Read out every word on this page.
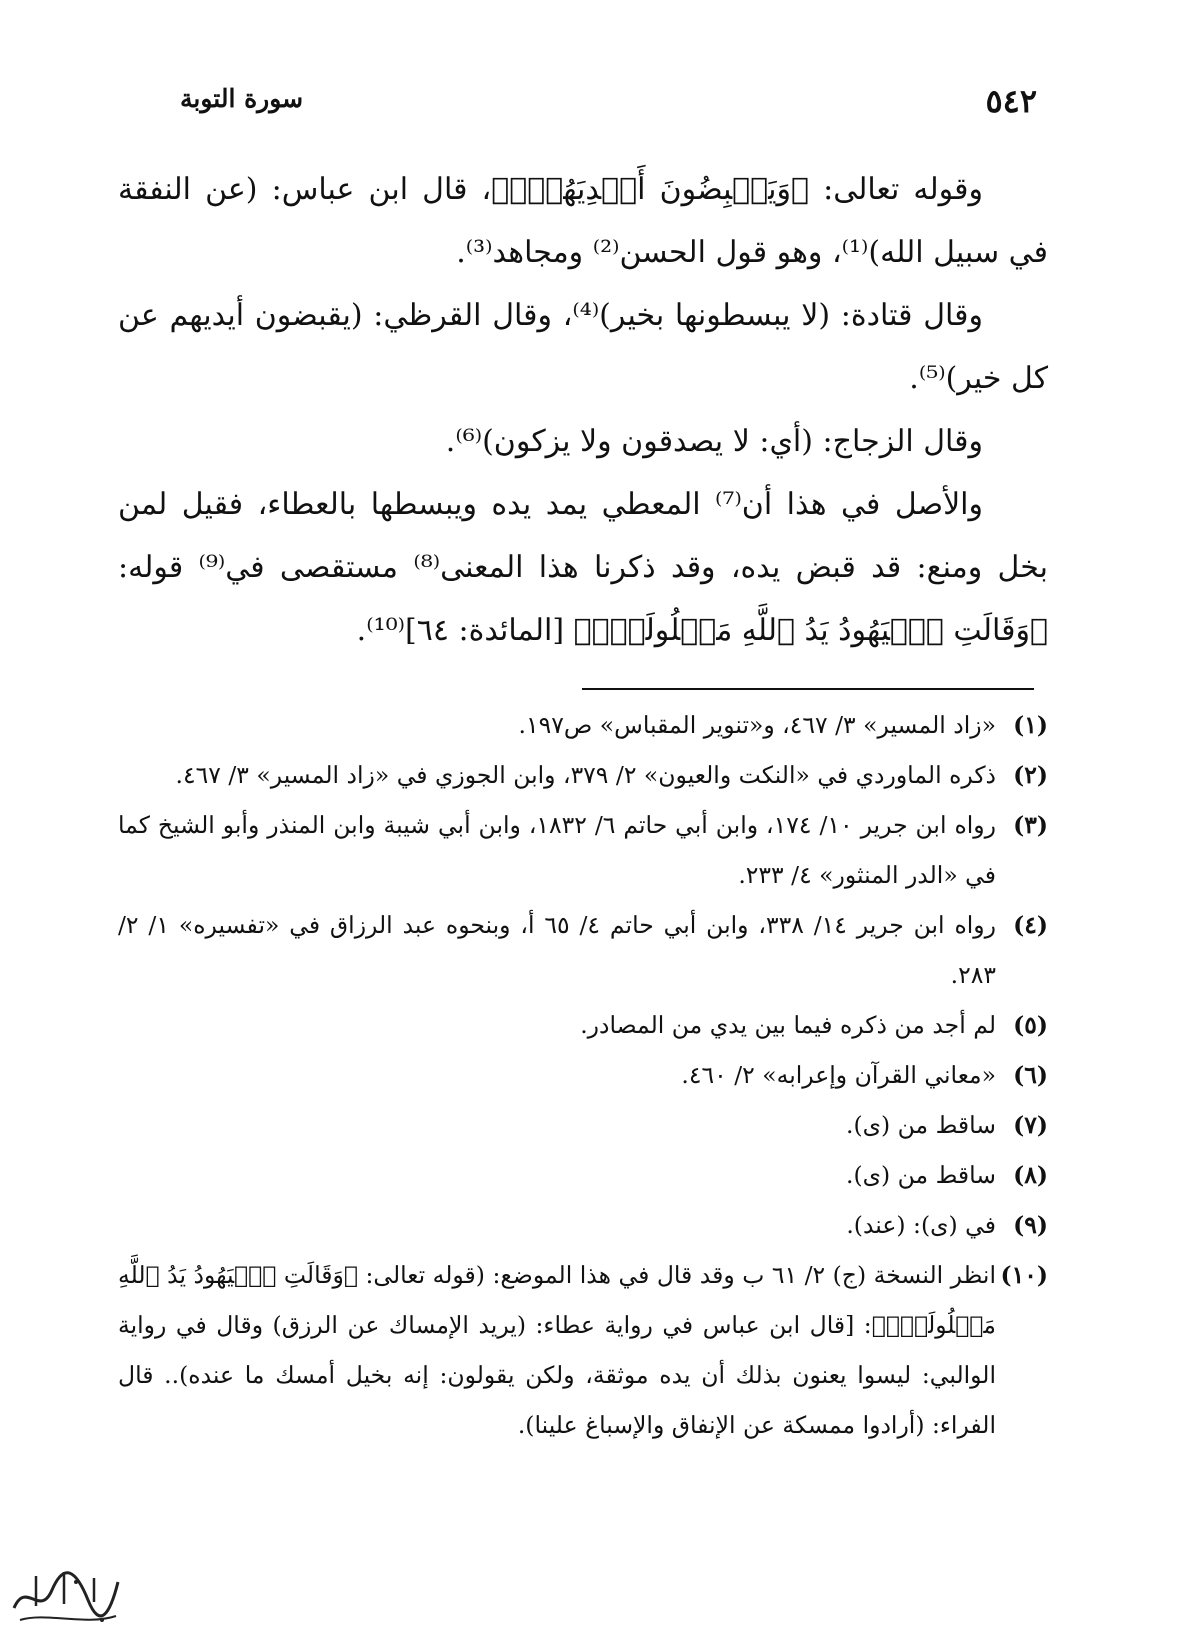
٥٤٢
سورة التوبة

وقوله تعالى: ﴿وَيَقۡبِضُونَ أَيۡدِيَهُمۡۚ﴾، قال ابن عباس: (عن النفقة في سبيل الله)⁽¹⁾، وهو قول الحسن⁽²⁾ ومجاهد⁽³⁾.

وقال قتادة: (لا يبسطونها بخير)⁽⁴⁾، وقال القرظي: (يقبضون أيديهم عن كل خير)⁽⁵⁾.

وقال الزجاج: (أي: لا يصدقون ولا يزكون)⁽⁶⁾.

والأصل في هذا أن⁽⁷⁾ المعطي يمد يده ويبسطها بالعطاء، فقيل لمن بخل ومنع: قد قبض يده، وقد ذكرنا هذا المعنى⁽⁸⁾ مستقصى في⁽⁹⁾ قوله: ﴿وَقَالَتِ ٱلۡيَهُودُ يَدُ ٱللَّهِ مَغۡلُولَةٌۚ﴾ [المائدة: ٦٤]⁽¹⁰⁾.

(١)
«زاد المسير» ٣/ ٤٦٧، و«تنوير المقباس» ص١٩٧.
(٢)
ذكره الماوردي في «النكت والعيون» ٢/ ٣٧٩، وابن الجوزي في «زاد المسير» ٣/ ٤٦٧.
(٣)
رواه ابن جرير ١٠/ ١٧٤، وابن أبي حاتم ٦/ ١٨٣٢، وابن أبي شيبة وابن المنذر وأبو الشيخ كما في «الدر المنثور» ٤/ ٢٣٣.
(٤)
رواه ابن جرير ١٤/ ٣٣٨، وابن أبي حاتم ٤/ ٦٥ أ، وبنحوه عبد الرزاق في «تفسيره» ١/ ٢/ ٢٨٣.
(٥)
لم أجد من ذكره فيما بين يدي من المصادر.
(٦)
«معاني القرآن وإعرابه» ٢/ ٤٦٠.
(٧)
ساقط من (ى).
(٨)
ساقط من (ى).
(٩)
في (ى): (عند).
(١٠)
انظر النسخة (ج) ٢/ ٦١ ب وقد قال في هذا الموضع: (قوله تعالى: ﴿وَقَالَتِ ٱلۡيَهُودُ يَدُ ٱللَّهِ مَغۡلُولَةٌۚ﴾: [قال ابن عباس في رواية عطاء: (يريد الإمساك عن الرزق) وقال في رواية الوالبي: ليسوا يعنون بذلك أن يده موثقة، ولكن يقولون: إنه بخيل أمسك ما عنده).. قال الفراء: (أرادوا ممسكة عن الإنفاق والإسباغ علينا).
